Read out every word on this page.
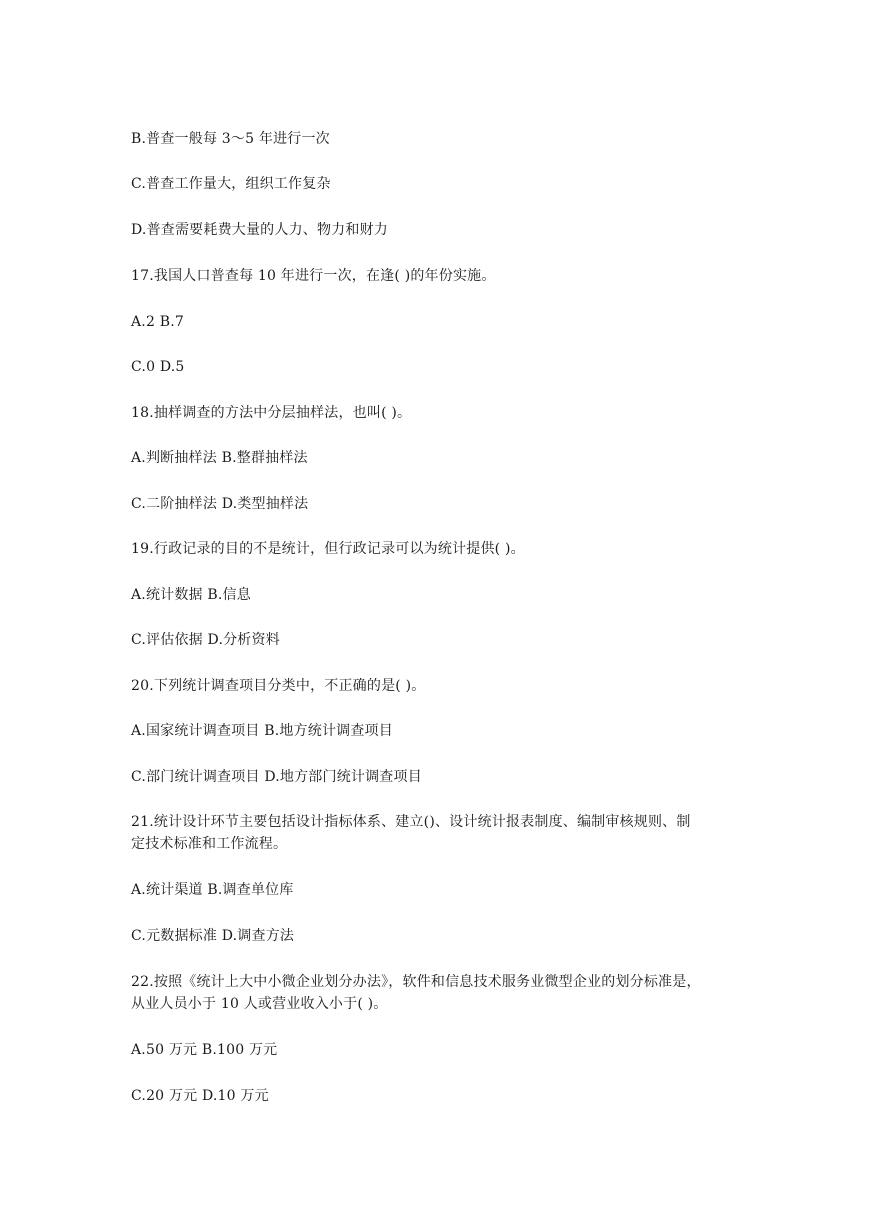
B.普查一般每 3～5 年进行一次
C.普查工作量大，组织工作复杂
D.普查需要耗费大量的人力、物力和财力
17.我国人口普查每 10 年进行一次，在逢( )的年份实施。
A.2 B.7
C.0 D.5
18.抽样调查的方法中分层抽样法，也叫( )。
A.判断抽样法 B.整群抽样法
C.二阶抽样法 D.类型抽样法
19.行政记录的目的不是统计，但行政记录可以为统计提供( )。
A.统计数据 B.信息
C.评估依据 D.分析资料
20.下列统计调查项目分类中，不正确的是( )。
A.国家统计调查项目 B.地方统计调查项目
C.部门统计调查项目 D.地方部门统计调查项目
21.统计设计环节主要包括设计指标体系、建立()、设计统计报表制度、编制审核规则、制
定技术标准和工作流程。
A.统计渠道 B.调查单位库
C.元数据标准 D.调查方法
22.按照《统计上大中小微企业划分办法》，软件和信息技术服务业微型企业的划分标准是，
从业人员小于 10 人或营业收入小于( )。
A.50 万元 B.100 万元
C.20 万元 D.10 万元
